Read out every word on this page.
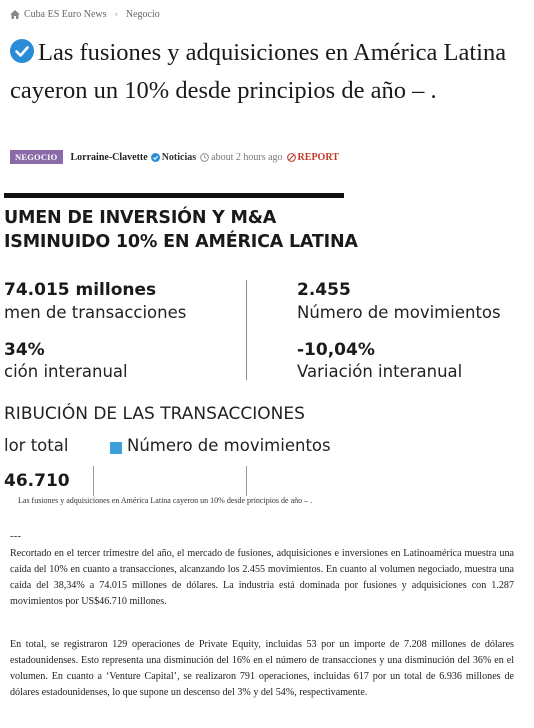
Cuba ES Euro News › Negocio
Las fusiones y adquisiciones en América Latina cayeron un 10% desde principios de año – .
NEGOCIO	Lorraine-Clavette Noticias about 2 hours ago REPORT
UMEN DE INVERSIÓN Y M&A
ISMINUIDO 10% EN AMÉRICA LATINA
74.015 millones
men de transacciones
2.455
Número de movimientos
34%
ción interanual
-10,04%
Variación interanual
RIBUCIÓN DE LAS TRANSACCIONES
lor total	Número de movimientos
46.710
Las fusiones y adquisiciones en América Latina cayeron un 10% desde principios de año – .
---

Recortado en el tercer trimestre del año, el mercado de fusiones, adquisiciones e inversiones en Latinoamérica muestra una caída del 10% en cuanto a transacciones, alcanzando los 2.455 movimientos. En cuanto al volumen negociado, muestra una caída del 38,34% a 74.015 millones de dólares. La industria está dominada por fusiones y adquisiciones con 1.287 movimientos por US$46.710 millones.

En total, se registraron 129 operaciones de Private Equity, incluidas 53 por un importe de 7.208 millones de dólares estadounidenses. Esto representa una disminución del 16% en el número de transacciones y una disminución del 36% en el volumen. En cuanto a ‘Venture Capital’, se realizaron 791 operaciones, incluidas 617 por un total de 6.936 millones de dólares estadounidenses, lo que supone un descenso del 3% y del 54%, respectivamente.
